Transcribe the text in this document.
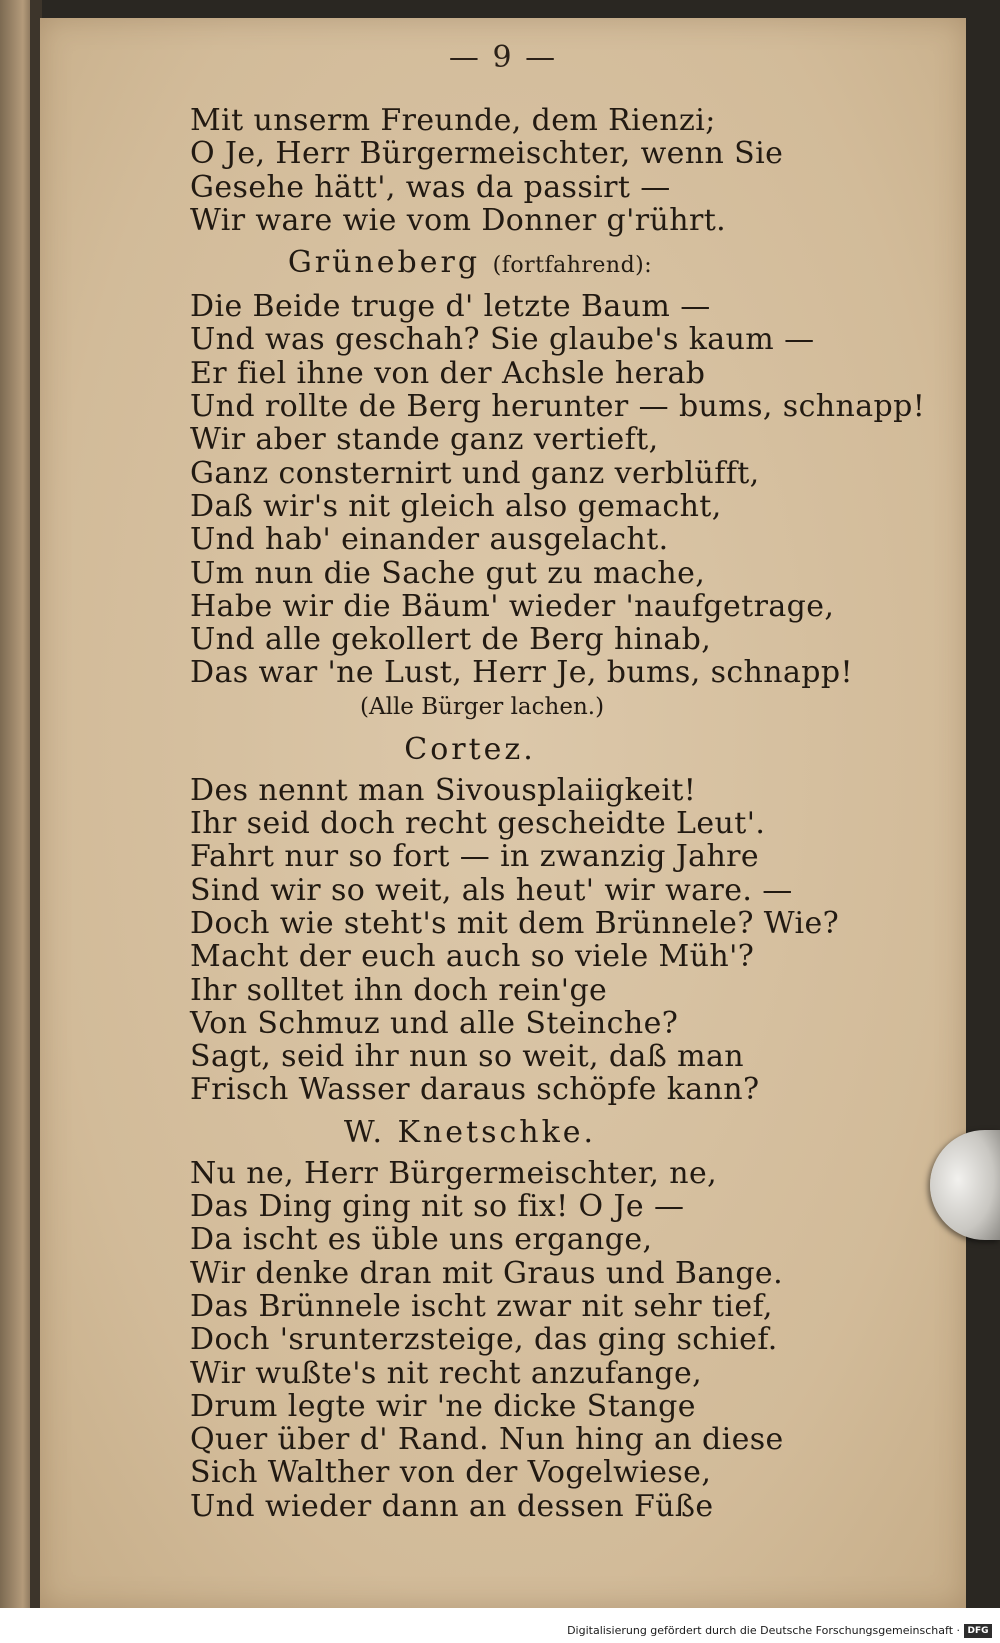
— 9 —
Mit unserm Freunde, dem Rienzi;
O Je, Herr Bürgermeischter, wenn Sie
Gesehe hätt', was da passirt —
Wir ware wie vom Donner g'rührt.
Grüneberg (fortfahrend):
Die Beide truge d' letzte Baum —
Und was geschah? Sie glaube's kaum —
Er fiel ihne von der Achsle herab
Und rollte de Berg herunter — bums, schnapp!
Wir aber stande ganz vertieft,
Ganz consternirt und ganz verblüfft,
Daß wir's nit gleich also gemacht,
Und hab' einander ausgelacht.
Um nun die Sache gut zu mache,
Habe wir die Bäum' wieder 'naufgetrage,
Und alle gekollert de Berg hinab,
Das war 'ne Lust, Herr Je, bums, schnapp!
(Alle Bürger lachen.)
Cortez.
Des nennt man Sivousplaiigkeit!
Ihr seid doch recht gescheidte Leut'.
Fahrt nur so fort — in zwanzig Jahre
Sind wir so weit, als heut' wir ware. —
Doch wie steht's mit dem Brünnele? Wie?
Macht der euch auch so viele Müh'?
Ihr solltet ihn doch rein'ge
Von Schmuz und alle Steinche?
Sagt, seid ihr nun so weit, daß man
Frisch Wasser daraus schöpfe kann?
W. Knetschke.
Nu ne, Herr Bürgermeischter, ne,
Das Ding ging nit so fix! O Je —
Da ischt es üble uns ergange,
Wir denke dran mit Graus und Bange.
Das Brünnele ischt zwar nit sehr tief,
Doch 'srunterzsteige, das ging schief.
Wir wußte's nit recht anzufange,
Drum legte wir 'ne dicke Stange
Quer über d' Rand. Nun hing an diese
Sich Walther von der Vogelwiese,
Und wieder dann an dessen Füße
Digitalisierung gefördert durch die Deutsche Forschungsgemeinschaft · DFG
